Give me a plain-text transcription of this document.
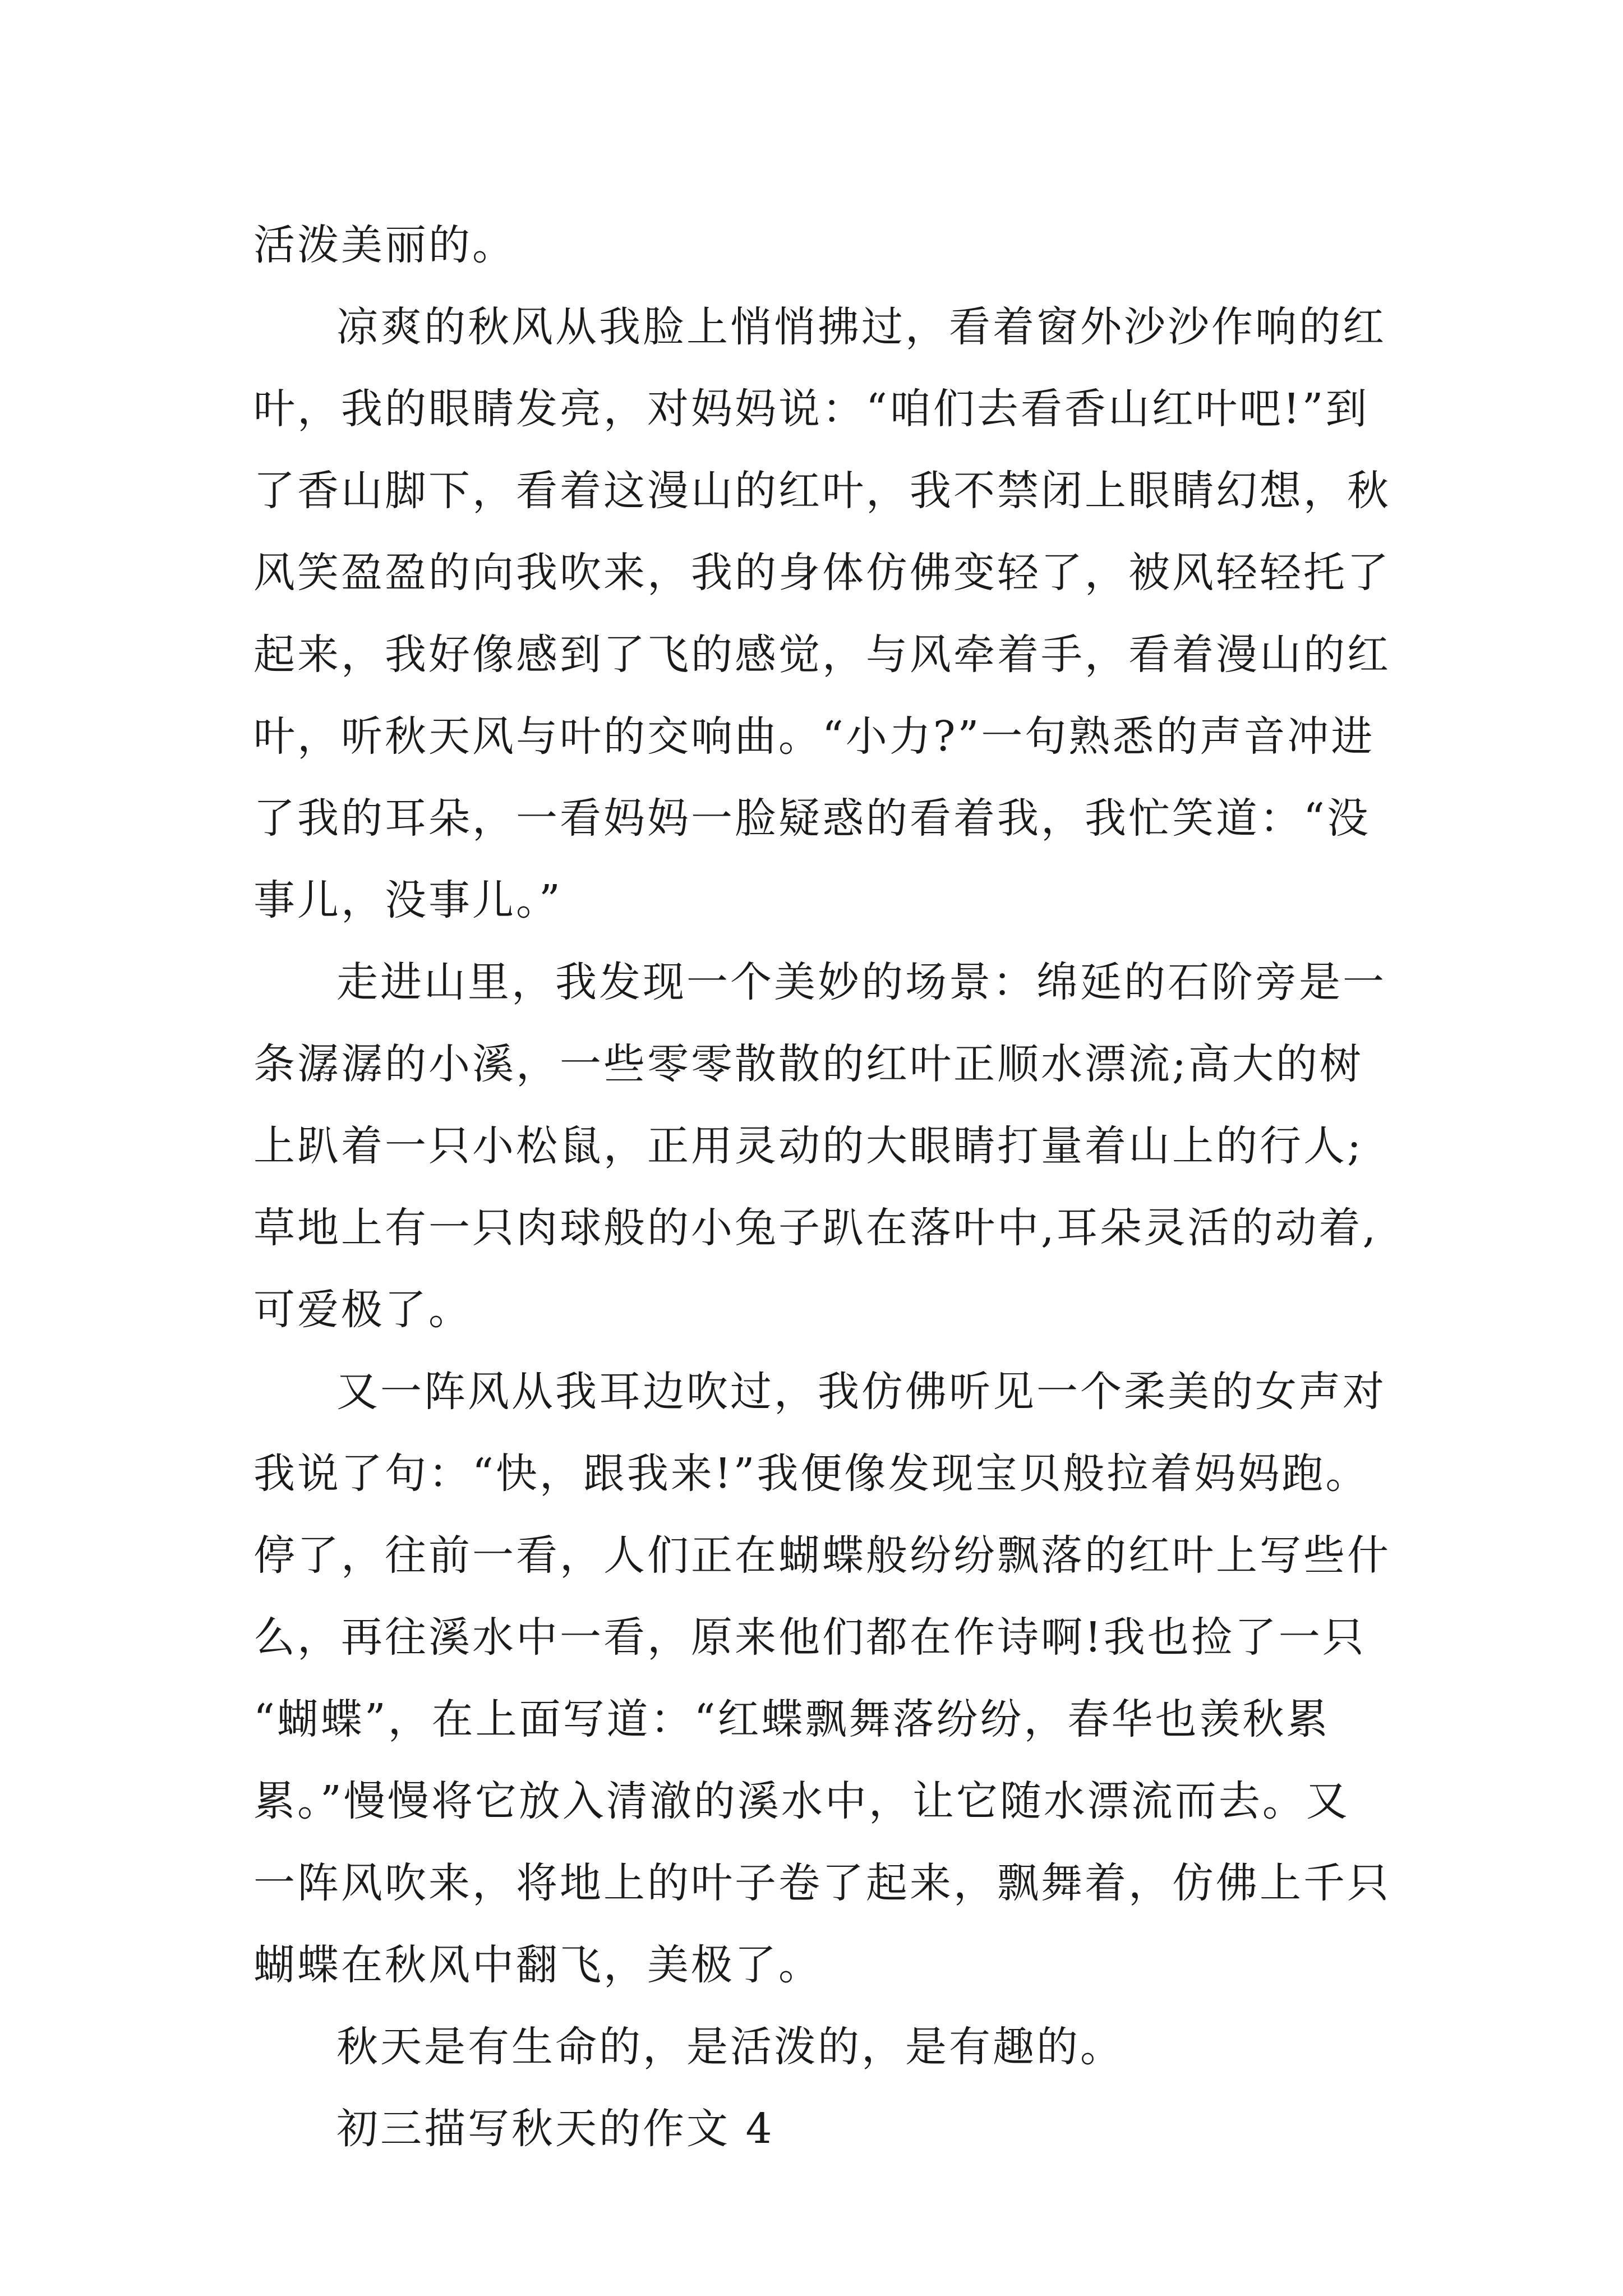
活泼美丽的。
凉爽的秋风从我脸上悄悄拂过，看着窗外沙沙作响的红
叶，我的眼睛发亮，对妈妈说：“咱们去看香山红叶吧!”到
了香山脚下，看着这漫山的红叶，我不禁闭上眼睛幻想，秋
风笑盈盈的向我吹来，我的身体仿佛变轻了，被风轻轻托了
起来，我好像感到了飞的感觉，与风牵着手，看着漫山的红
叶，听秋天风与叶的交响曲。“小力?”一句熟悉的声音冲进
了我的耳朵，一看妈妈一脸疑惑的看着我，我忙笑道：“没
事儿，没事儿。”
走进山里，我发现一个美妙的场景：绵延的石阶旁是一
条潺潺的小溪，一些零零散散的红叶正顺水漂流;高大的树
上趴着一只小松鼠，正用灵动的大眼睛打量着山上的行人;
草地上有一只肉球般的小兔子趴在落叶中,耳朵灵活的动着,
可爱极了。
又一阵风从我耳边吹过，我仿佛听见一个柔美的女声对
我说了句：“快，跟我来!”我便像发现宝贝般拉着妈妈跑。
停了，往前一看，人们正在蝴蝶般纷纷飘落的红叶上写些什
么，再往溪水中一看，原来他们都在作诗啊!我也捡了一只
“蝴蝶”，在上面写道：“红蝶飘舞落纷纷，春华也羡秋累
累。”慢慢将它放入清澈的溪水中，让它随水漂流而去。又
一阵风吹来，将地上的叶子卷了起来，飘舞着，仿佛上千只
蝴蝶在秋风中翻飞，美极了。
秋天是有生命的，是活泼的，是有趣的。
初三描写秋天的作文 4
